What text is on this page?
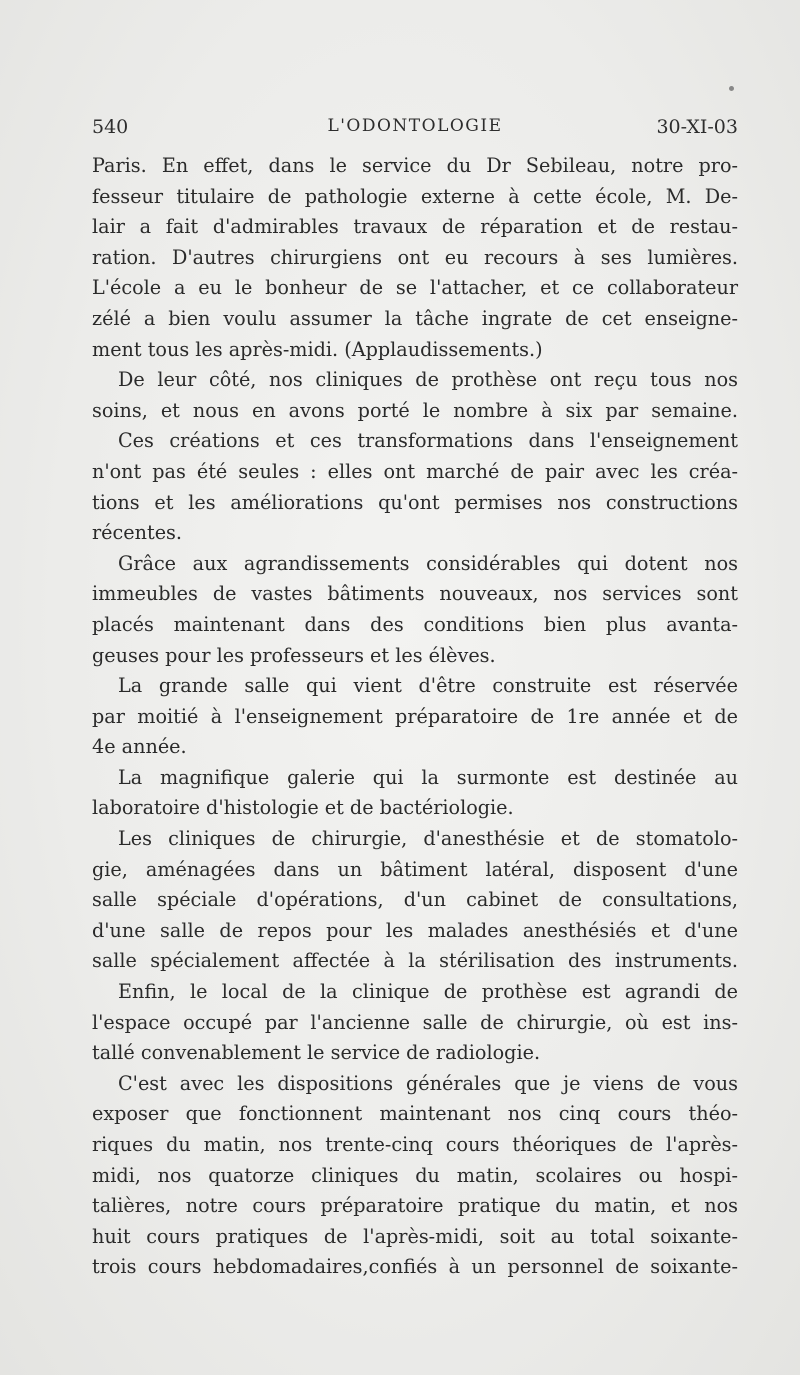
540	L'ODONTOLOGIE	30-XI-03
Paris. En effet, dans le service du Dr Sebileau, notre pro-
fesseur titulaire de pathologie externe à cette école, M. De-
lair a fait d'admirables travaux de réparation et de restau-
ration. D'autres chirurgiens ont eu recours à ses lumières.
L'école a eu le bonheur de se l'attacher, et ce collaborateur
zélé a bien voulu assumer la tâche ingrate de cet enseigne-
ment tous les après-midi. (Applaudissements.)
De leur côté, nos cliniques de prothèse ont reçu tous nos
soins, et nous en avons porté le nombre à six par semaine.
Ces créations et ces transformations dans l'enseignement
n'ont pas été seules : elles ont marché de pair avec les créa-
tions et les améliorations qu'ont permises nos constructions
récentes.
Grâce aux agrandissements considérables qui dotent nos
immeubles de vastes bâtiments nouveaux, nos services sont
placés maintenant dans des conditions bien plus avanta-
geuses pour les professeurs et les élèves.
La grande salle qui vient d'être construite est réservée
par moitié à l'enseignement préparatoire de 1re année et de
4e année.
La magnifique galerie qui la surmonte est destinée au
laboratoire d'histologie et de bactériologie.
Les cliniques de chirurgie, d'anesthésie et de stomatolo-
gie, aménagées dans un bâtiment latéral, disposent d'une
salle spéciale d'opérations, d'un cabinet de consultations,
d'une salle de repos pour les malades anesthésiés et d'une
salle spécialement affectée à la stérilisation des instruments.
Enfin, le local de la clinique de prothèse est agrandi de
l'espace occupé par l'ancienne salle de chirurgie, où est ins-
tallé convenablement le service de radiologie.
C'est avec les dispositions générales que je viens de vous
exposer que fonctionnent maintenant nos cinq cours théo-
riques du matin, nos trente-cinq cours théoriques de l'après-
midi, nos quatorze cliniques du matin, scolaires ou hospi-
talières, notre cours préparatoire pratique du matin, et nos
huit cours pratiques de l'après-midi, soit au total soixante-
trois cours hebdomadaires,confiés à un personnel de soixante-
